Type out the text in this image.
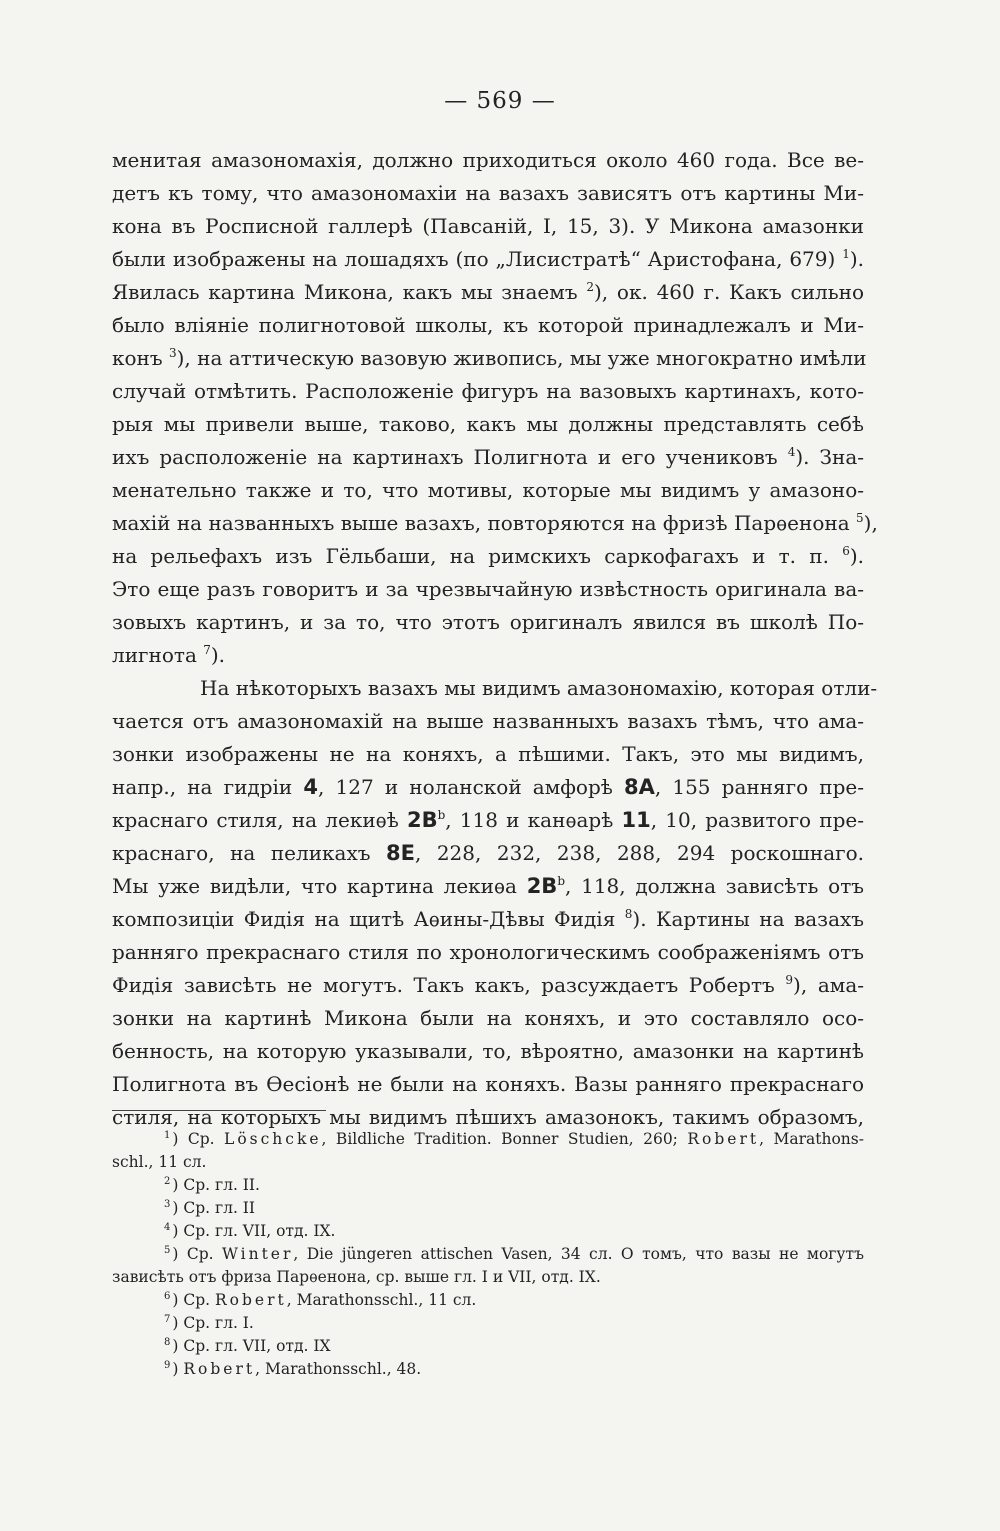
— 569 —
менитая амазономахія, должно приходиться около 460 года. Все ве-
детъ къ тому, что амазономахіи на вазахъ зависятъ отъ картины Ми-
кона въ Росписной галлерѣ (Павсаній, I, 15, 3). У Микона амазонки
были изображены на лошадяхъ (по „Лисистратѣ“ Аристофана, 679) $^1$).
Явилась картина Микона, какъ мы знаемъ $^2$), ок. 460 г. Какъ сильно
было вліяніе полигнотовой школы, къ которой принадлежалъ и Ми-
конъ $^3$), на аттическую вазовую живопись, мы уже многократно имѣли
случай отмѣтить. Расположеніе фигуръ на вазовыхъ картинахъ, кото-
рыя мы привели выше, таково, какъ мы должны представлять себѣ
ихъ расположеніе на картинахъ Полигнота и его учениковъ $^4$). Зна-
менательно также и то, что мотивы, которые мы видимъ у амазоно-
махій на названныхъ выше вазахъ, повторяются на фризѣ Парѳенона $^5$),
на рельефахъ изъ Гёльбаши, на римскихъ саркофагахъ и т. п. $^6$).
Это еще разъ говоритъ и за чрезвычайную извѣстность оригинала ва-
зовыхъ картинъ, и за то, что этотъ оригиналъ явился въ школѣ По-
лигнота $^7$).
На нѣкоторыхъ вазахъ мы видимъ амазономахію, которая отли-
чается отъ амазономахій на выше названныхъ вазахъ тѣмъ, что ама-
зонки изображены не на коняхъ, а пѣшими. Такъ, это мы видимъ,
напр., на гидріи 4, 127 и ноланской амфорѣ 8A, 155 ранняго пре-
краснаго стиля, на лекиѳѣ $2B^b$, 118 и канѳарѣ 11, 10, развитого пре-
краснаго, на пеликахъ 8E, 228, 232, 238, 288, 294 роскошнаго.
Мы уже видѣли, что картина лекиѳа $2B^b$, 118, должна зависѣть отъ
композиціи Фидія на щитѣ Аѳины-Дѣвы Фидія $^8$). Картины на вазахъ
ранняго прекраснаго стиля по хронологическимъ соображеніямъ отъ
Фидія зависѣть не могутъ. Такъ какъ, разсуждаетъ Робертъ $^9$), ама-
зонки на картинѣ Микона были на коняхъ, и это составляло осо-
бенность, на которую указывали, то, вѣроятно, амазонки на картинѣ
Полигнота въ Ѳесіонѣ не были на коняхъ. Вазы ранняго прекраснаго
стиля, на которыхъ мы видимъ пѣшихъ амазонокъ, такимъ образомъ,
$^1$ ) Ср. Löschcke, Bildliche Tradition. Bonner Studien, 260; Robert, Marathons-
schl., 11 сл.
$^2$ ) Ср. гл. II.
$^3$ ) Ср. гл. II
$^4$ ) Ср. гл. VII, отд. IX.
$^5$ ) Ср. Winter, Die jüngeren attischen Vasen, 34 сл. О томъ, что вазы не могутъ
зависѣть отъ фриза Парѳенона, ср. выше гл. I и VII, отд. IX.
$^6$ ) Ср. Robert, Marathonsschl., 11 сл.
$^7$ ) Ср. гл. I.
$^8$ ) Ср. гл. VII, отд. IX
$^9$ ) Robert, Marathonsschl., 48.
